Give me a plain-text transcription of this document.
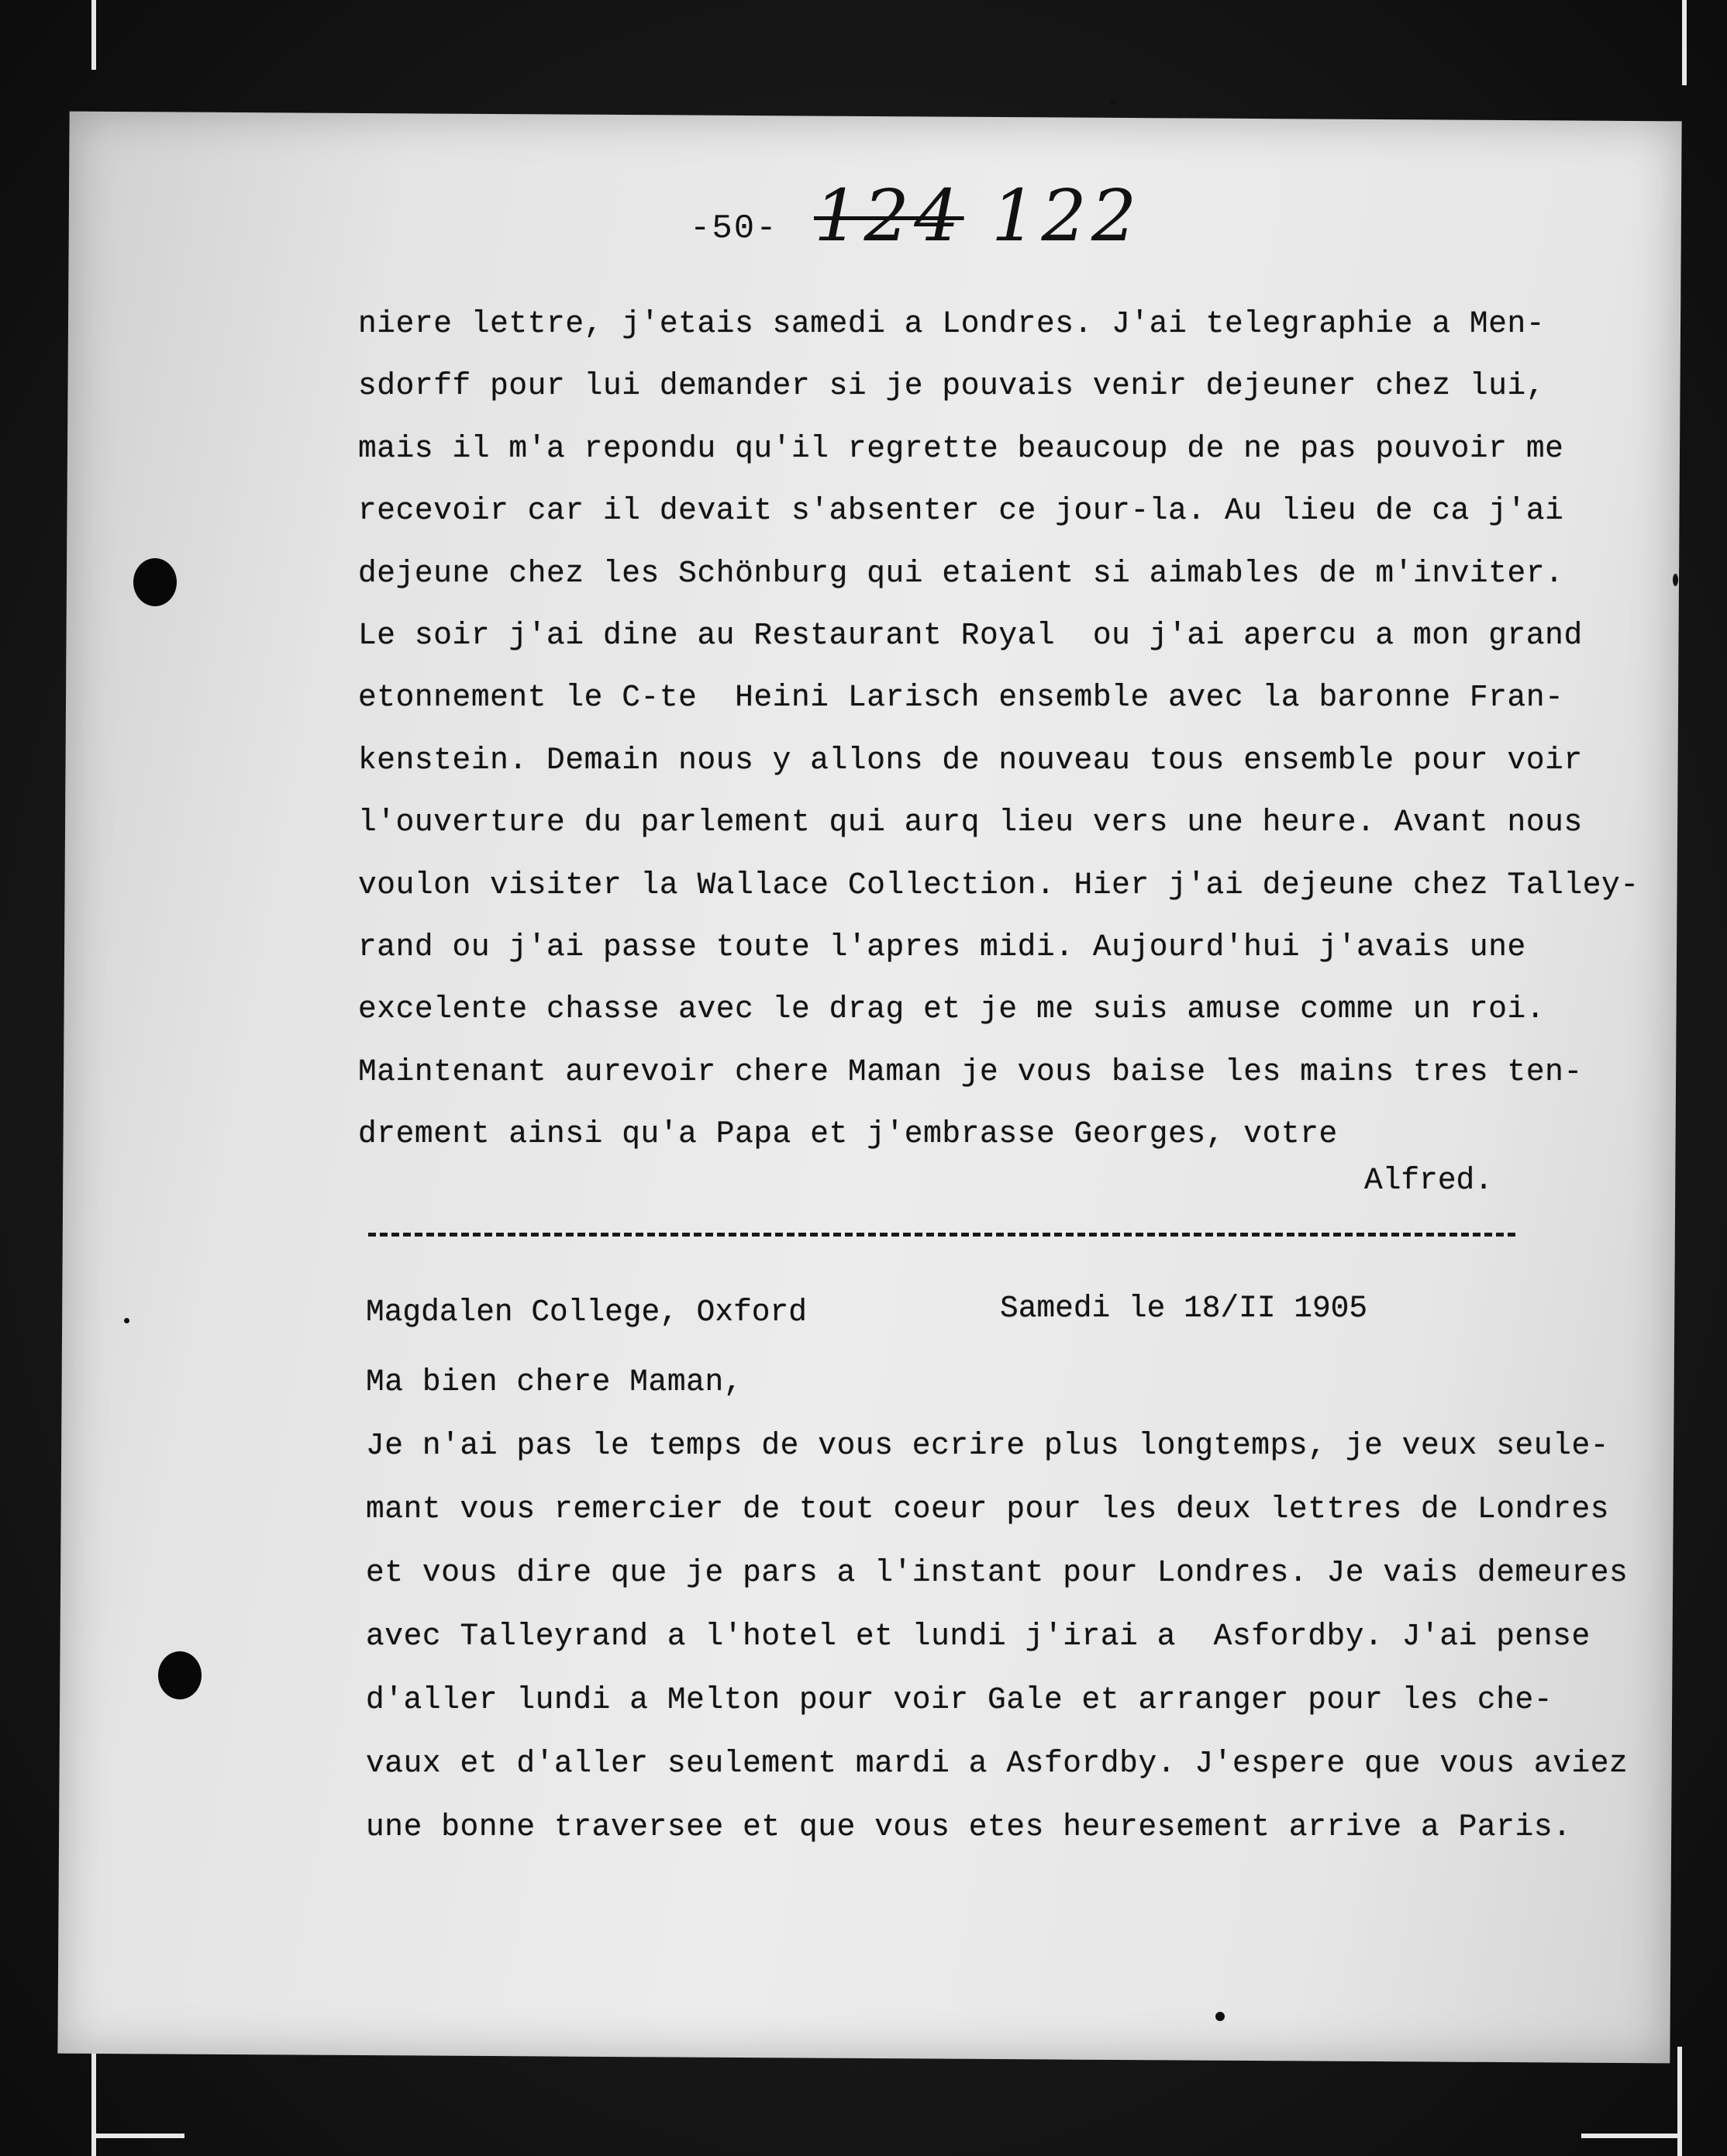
-50- 124 122
niere lettre, j'etais samedi a Londres. J'ai telegraphie a Men-
sdorff pour lui demander si je pouvais venir dejeuner chez lui,
mais il m'a repondu qu'il regrette beaucoup de ne pas pouvoir me
recevoir car il devait s'absenter ce jour-la. Au lieu de ca j'ai
dejeune chez les Schönburg qui etaient si aimables de m'inviter.
Le soir j'ai dine au Restaurant Royal  ou j'ai apercu a mon grand
etonnement le C-te  Heini Larisch ensemble avec la baronne Fran-
kenstein. Demain nous y allons de nouveau tous ensemble pour voir
l'ouverture du parlement qui aurq lieu vers une heure. Avant nous
voulon visiter la Wallace Collection. Hier j'ai dejeune chez Talley-
rand ou j'ai passe toute l'apres midi. Aujourd'hui j'avais une
excelente chasse avec le drag et je me suis amuse comme un roi.
Maintenant aurevoir chere Maman je vous baise les mains tres ten-
drement ainsi qu'a Papa et j'embrasse Georges, votre
Alfred.
Magdalen College, Oxford	Samedi le 18/II 1905
Ma bien chere Maman,
Je n'ai pas le temps de vous ecrire plus longtemps, je veux seule-
mant vous remercier de tout coeur pour les deux lettres de Londres
et vous dire que je pars a l'instant pour Londres. Je vais demeures
avec Talleyrand a l'hotel et lundi j'irai a  Asfordby. J'ai pense
d'aller lundi a Melton pour voir Gale et arranger pour les che-
vaux et d'aller seulement mardi a Asfordby. J'espere que vous aviez
une bonne traversee et que vous etes heuresement arrive a Paris.
